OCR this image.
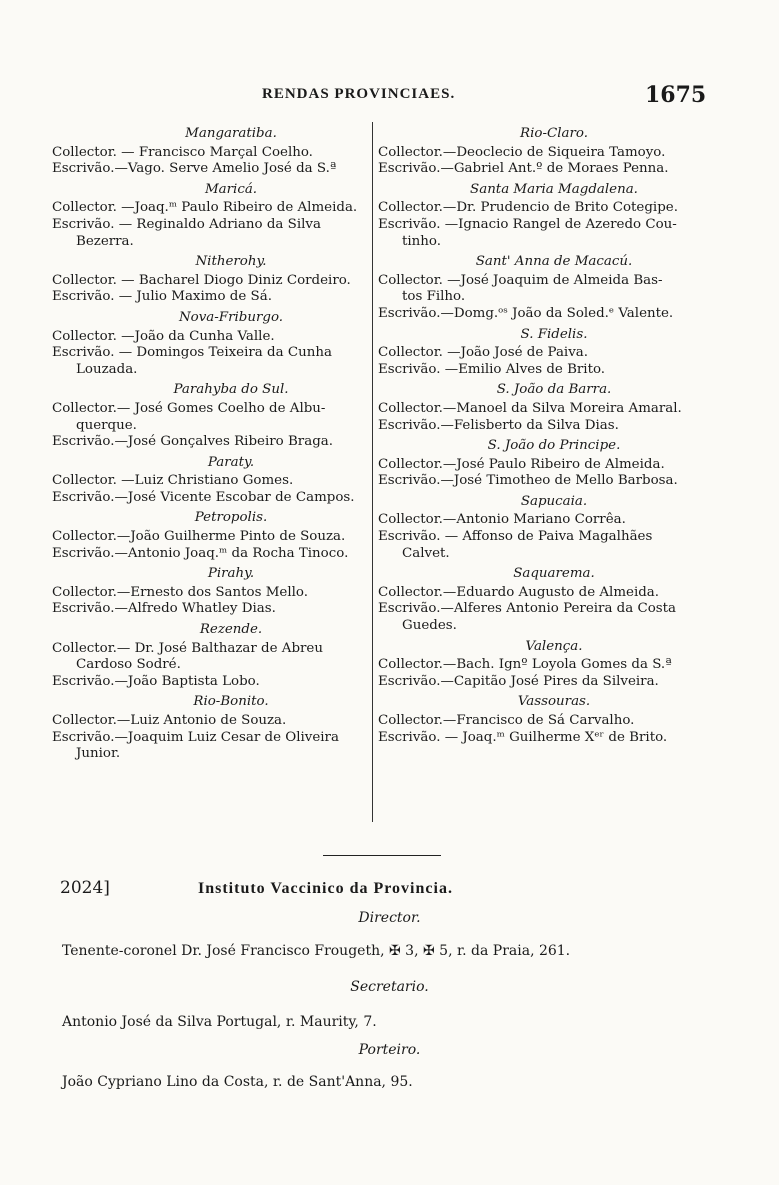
RENDAS PROVINCIAES.	1675
Mangaratiba.
Collector. — Francisco Marçal Coelho.
Escrivão.—Vago. Serve Amelio José da S.ª
Maricá.
Collector. —Joaq.ᵐ Paulo Ribeiro de Almeida.
Escrivão. — Reginaldo Adriano da Silva
Bezerra.
Nitherohy.
Collector. — Bacharel Diogo Diniz Cordeiro.
Escrivão. — Julio Maximo de Sá.
Nova-Friburgo.
Collector. —João da Cunha Valle.
Escrivão. — Domingos Teixeira da Cunha
Louzada.
Parahyba do Sul.
Collector.— José Gomes Coelho de Albu-
querque.
Escrivão.—José Gonçalves Ribeiro Braga.
Paraty.
Collector. —Luiz Christiano Gomes.
Escrivão.—José Vicente Escobar de Campos.
Petropolis.
Collector.—João Guilherme Pinto de Souza.
Escrivão.—Antonio Joaq.ᵐ da Rocha Tinoco.
Pirahy.
Collector.—Ernesto dos Santos Mello.
Escrivão.—Alfredo Whatley Dias.
Rezende.
Collector.— Dr. José Balthazar de Abreu
Cardoso Sodré.
Escrivão.—João Baptista Lobo.
Rio-Bonito.
Collector.—Luiz Antonio de Souza.
Escrivão.—Joaquim Luiz Cesar de Oliveira
Junior.
Rio-Claro.
Collector.—Deocleciо de Siqueira Tamoyo.
Escrivão.—Gabriel Ant.º de Moraes Penna.
Santa Maria Magdalena.
Collector.—Dr. Prudencio de Brito Cotegipe.
Escrivão. —Ignacio Rangel de Azeredo Cou-
tinho.
Sant' Anna de Macacú.
Collector. —José Joaquim de Almeida Bas-
tos Filho.
Escrivão.—Domg.ᵒˢ João da Soled.ᵉ Valente.
S. Fidelis.
Collector. —João José de Paiva.
Escrivão. —Emilio Alves de Brito.
S. João da Barra.
Collector.—Manoel da Silva Moreira Amaral.
Escrivão.—Felisberto da Silva Dias.
S. João do Principe.
Collector.—José Paulo Ribeiro de Almeida.
Escrivão.—José Timotheo de Mello Barbosa.
Sapucaia.
Collector.—Antonio Mariano Corrêa.
Escrivão. — Affonso de Paiva Magalhães
Calvet.
Saquarema.
Collector.—Eduardo Augusto de Almeida.
Escrivão.—Alferes Antonio Pereira da Costa
Guedes.
Valença.
Collector.—Bach. Ignº Loyola Gomes da S.ª
Escrivão.—Capitão José Pires da Silveira.
Vassouras.
Collector.—Francisco de Sá Carvalho.
Escrivão. — Joaq.ᵐ Guilherme Xᵉʳ de Brito.
2024]	Instituto Vaccinico da Provincia.
Director.
Tenente-coronel Dr. José Francisco Frougeth, ✠ 3, ✠ 5, r. da Praia, 261.
Secretario.
Antonio José da Silva Portugal, r. Maurity, 7.
Porteiro.
João Cypriano Lino da Costa, r. de Sant'Anna, 95.
